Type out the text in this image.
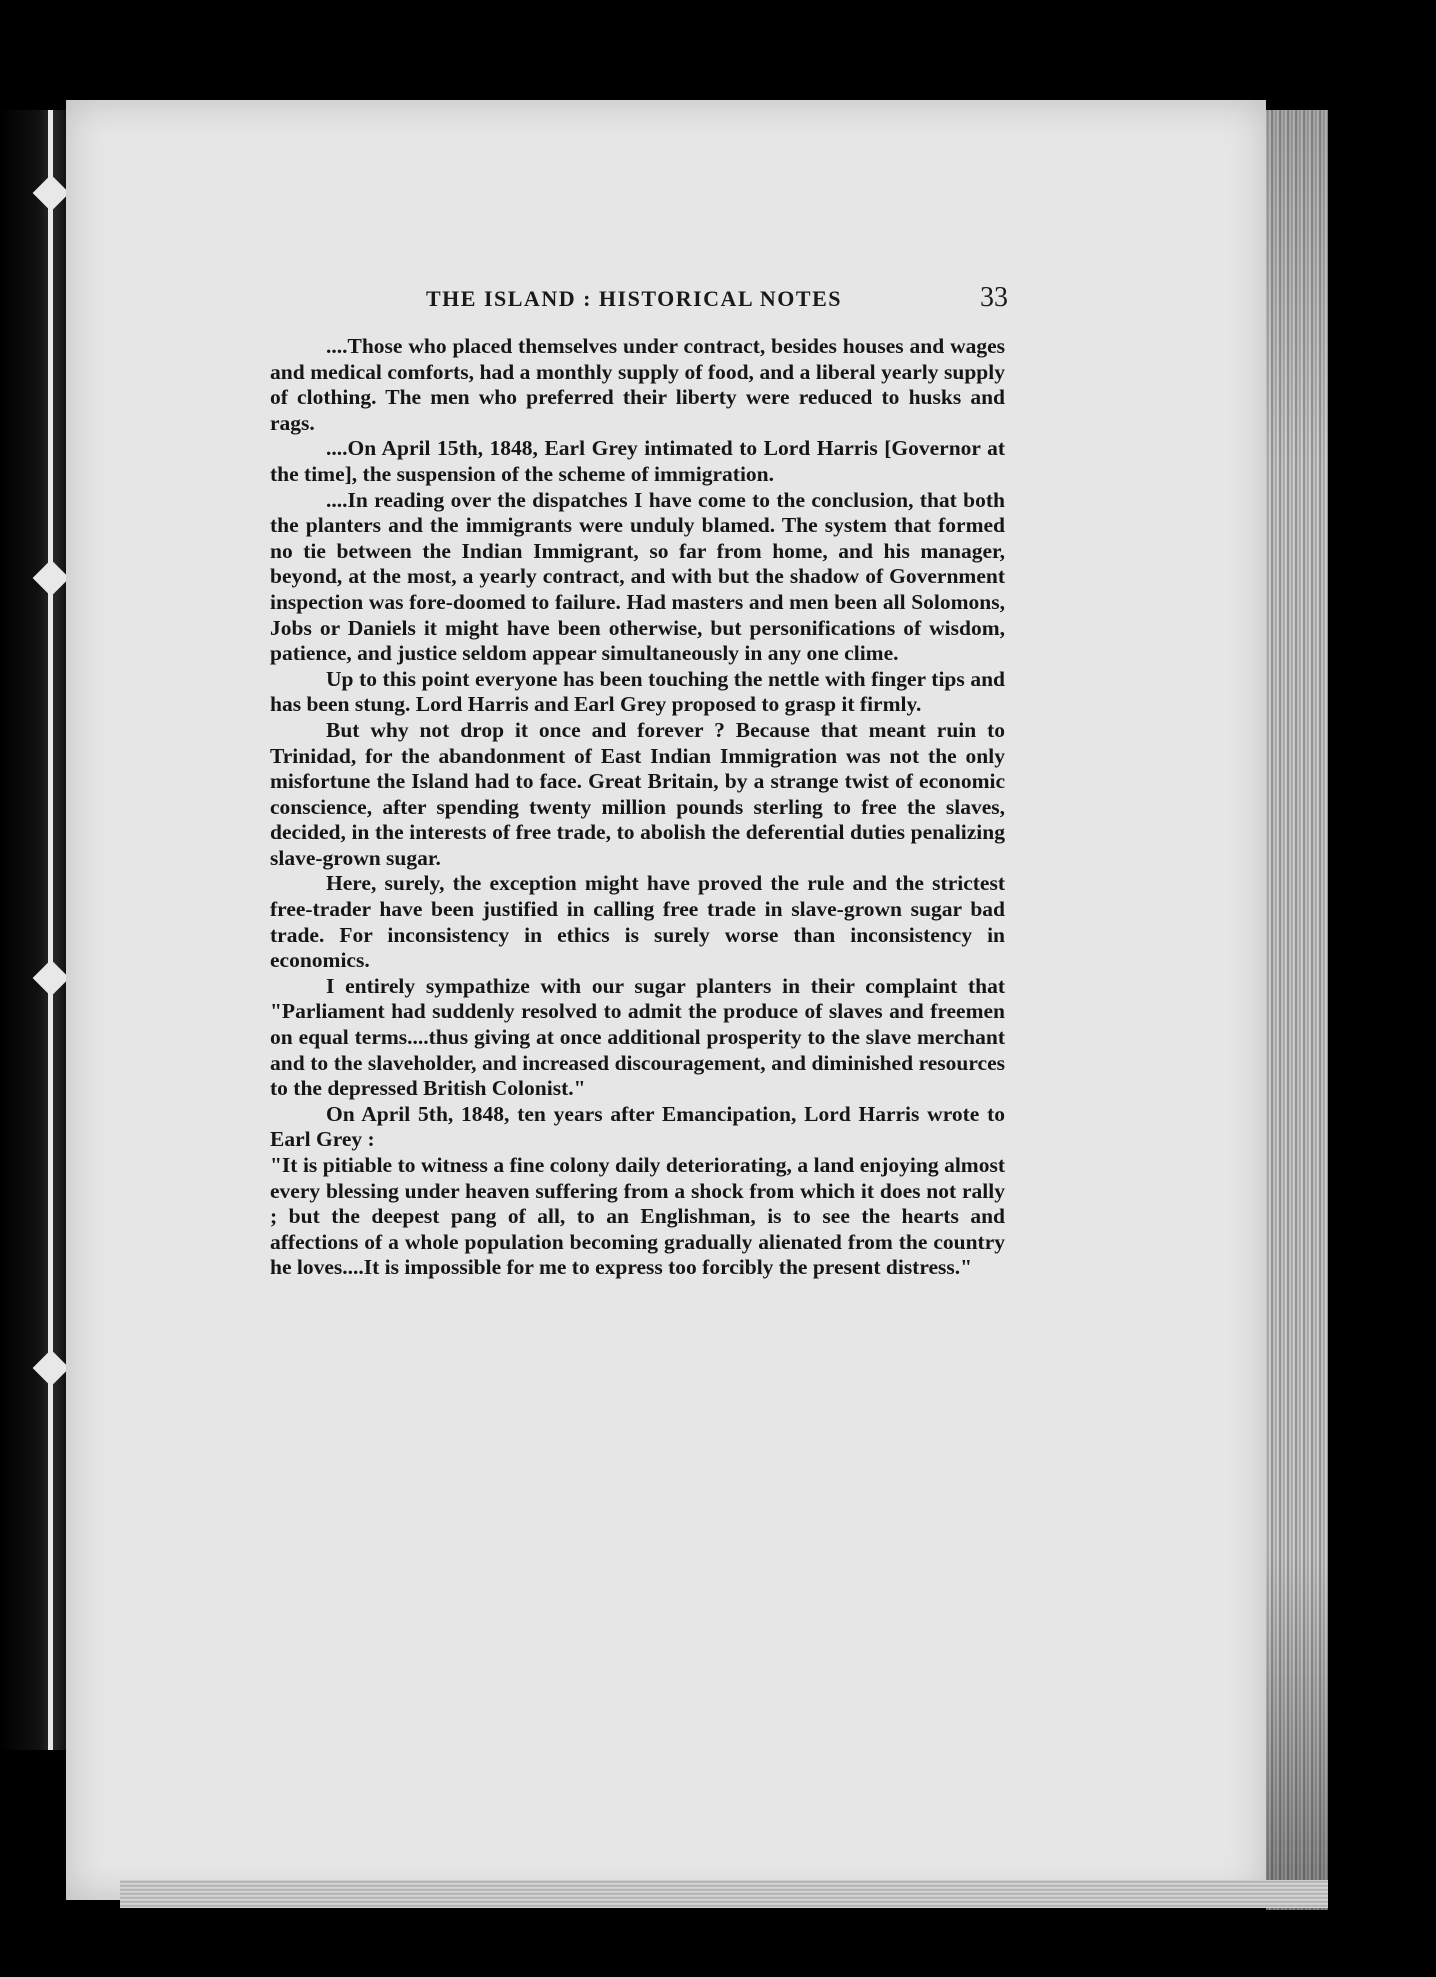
THE ISLAND : HISTORICAL NOTES	33

....Those who placed themselves under contract, besides houses and wages and medical comforts, had a monthly supply of food, and a liberal yearly supply of clothing. The men who preferred their liberty were reduced to husks and rags.

....On April 15th, 1848, Earl Grey intimated to Lord Harris [Governor at the time], the suspension of the scheme of immigration.

....In reading over the dispatches I have come to the conclusion, that both the planters and the immigrants were unduly blamed. The system that formed no tie between the Indian Immigrant, so far from home, and his manager, beyond, at the most, a yearly contract, and with but the shadow of Government inspection was fore-doomed to failure. Had masters and men been all Solomons, Jobs or Daniels it might have been otherwise, but personifications of wisdom, patience, and justice seldom appear simultaneously in any one clime.

Up to this point everyone has been touching the nettle with finger tips and has been stung. Lord Harris and Earl Grey proposed to grasp it firmly.

But why not drop it once and forever ? Because that meant ruin to Trinidad, for the abandonment of East Indian Immigration was not the only misfortune the Island had to face. Great Britain, by a strange twist of economic conscience, after spending twenty million pounds sterling to free the slaves, decided, in the interests of free trade, to abolish the deferential duties penalizing slave-grown sugar.

Here, surely, the exception might have proved the rule and the strictest free-trader have been justified in calling free trade in slave-grown sugar bad trade. For inconsistency in ethics is surely worse than inconsistency in economics.

I entirely sympathize with our sugar planters in their complaint that "Parliament had suddenly resolved to admit the produce of slaves and freemen on equal terms....thus giving at once additional prosperity to the slave merchant and to the slaveholder, and increased discouragement, and diminished resources to the depressed British Colonist."

On April 5th, 1848, ten years after Emancipation, Lord Harris wrote to Earl Grey :

"It is pitiable to witness a fine colony daily deteriorating, a land enjoying almost every blessing under heaven suffering from a shock from which it does not rally ; but the deepest pang of all, to an Englishman, is to see the hearts and affections of a whole population becoming gradually alienated from the country he loves....It is impossible for me to express too forcibly the present distress."
